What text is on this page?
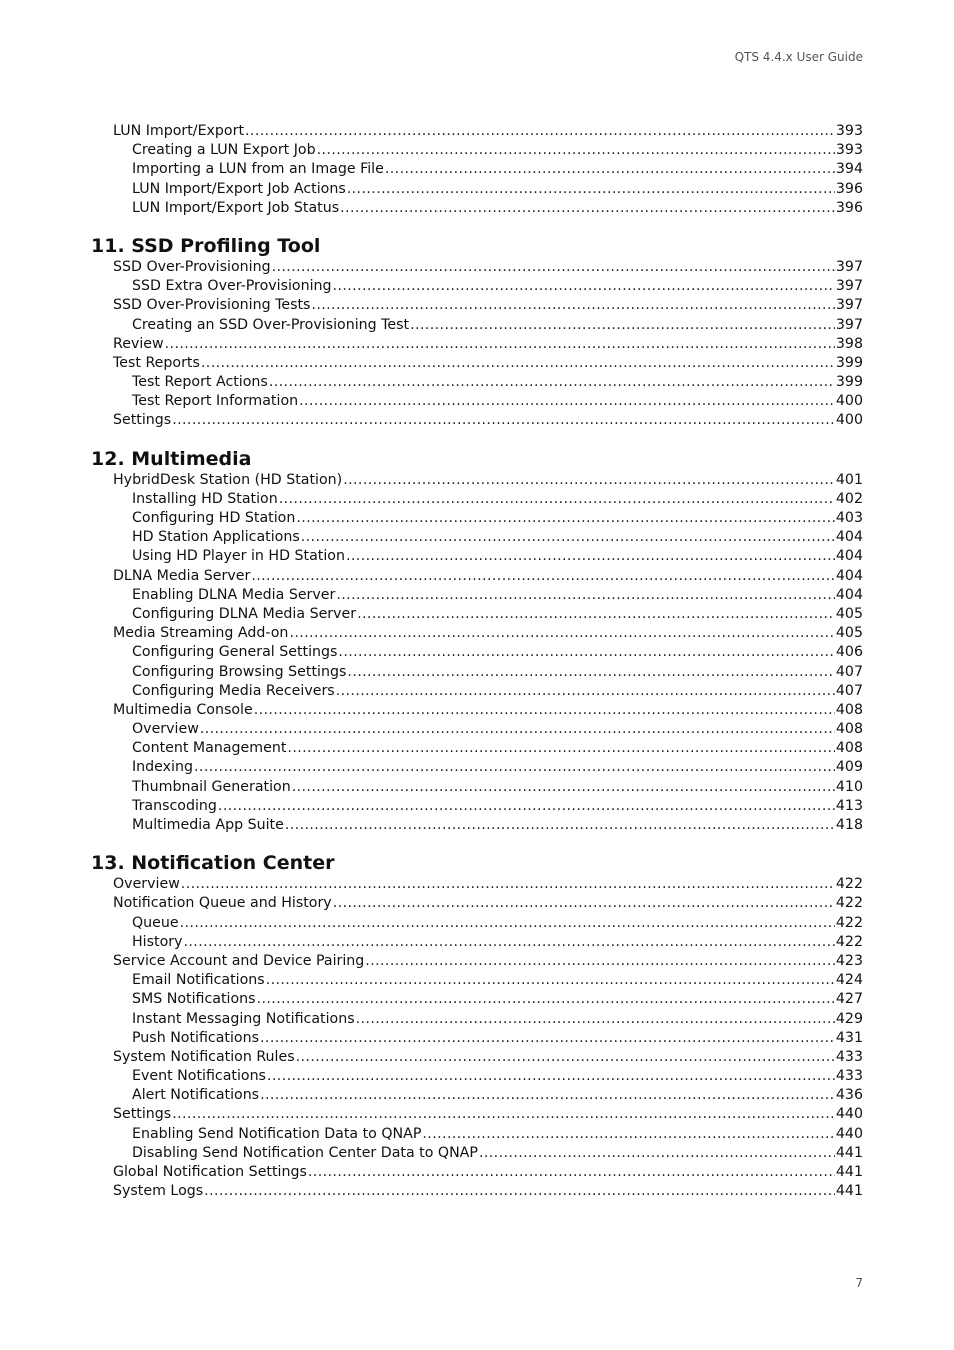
QTS 4.4.x User Guide
LUN Import/Export .....	393
Creating a LUN Export Job .....	393
Importing a LUN from an Image File .....	394
LUN Import/Export Job Actions .....	396
LUN Import/Export Job Status .....	396
11. SSD Profiling Tool
SSD Over-Provisioning .....	397
SSD Extra Over-Provisioning .....	397
SSD Over-Provisioning Tests .....	397
Creating an SSD Over-Provisioning Test .....	397
Review .....	398
Test Reports .....	399
Test Report Actions .....	399
Test Report Information .....	400
Settings .....	400
12. Multimedia
HybridDesk Station (HD Station) .....	401
Installing HD Station .....	402
Configuring HD Station .....	403
HD Station Applications .....	404
Using HD Player in HD Station .....	404
DLNA Media Server .....	404
Enabling DLNA Media Server .....	404
Configuring DLNA Media Server .....	405
Media Streaming Add-on .....	405
Configuring General Settings .....	406
Configuring Browsing Settings .....	407
Configuring Media Receivers .....	407
Multimedia Console .....	408
Overview .....	408
Content Management .....	408
Indexing .....	409
Thumbnail Generation .....	410
Transcoding .....	413
Multimedia App Suite .....	418
13. Notification Center
Overview .....	422
Notification Queue and History .....	422
Queue .....	422
History .....	422
Service Account and Device Pairing .....	423
Email Notifications .....	424
SMS Notifications .....	427
Instant Messaging Notifications .....	429
Push Notifications .....	431
System Notification Rules .....	433
Event Notifications .....	433
Alert Notifications .....	436
Settings .....	440
Enabling Send Notification Data to QNAP .....	440
Disabling Send Notification Center Data to QNAP .....	441
Global Notification Settings .....	441
System Logs .....	441
7
